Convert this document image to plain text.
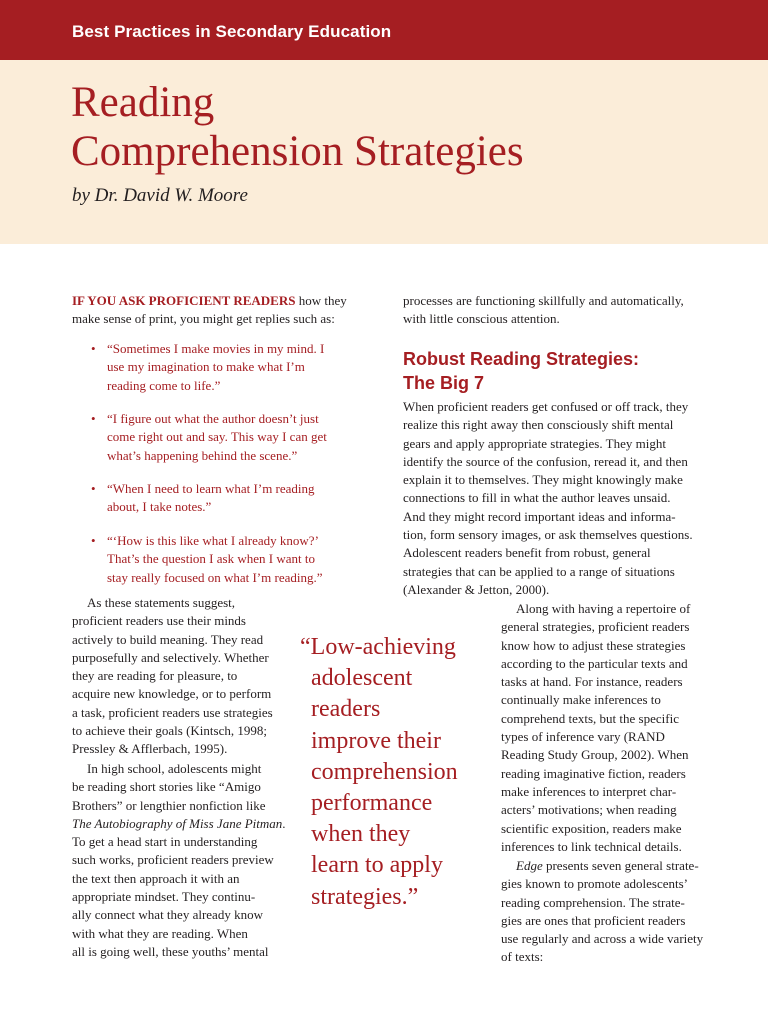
Best Practices in Secondary Education
Reading
Comprehension Strategies
by Dr. David W. Moore

IF YOU ASK PROFICIENT READERS how they
make sense of print, you might get replies such as:

• “Sometimes I make movies in my mind. I
use my imagination to make what I’m
reading come to life.”
• “I figure out what the author doesn’t just
come right out and say. This way I can get
what’s happening behind the scene.”
• “When I need to learn what I’m reading
about, I take notes.”
• “‘How is this like what I already know?’
That’s the question I ask when I want to
stay really focused on what I’m reading.”

As these statements suggest,
proficient readers use their minds
actively to build meaning. They read
purposefully and selectively. Whether
they are reading for pleasure, to
acquire new knowledge, or to perform
a task, proficient readers use strategies
to achieve their goals (Kintsch, 1998;
Pressley & Afflerbach, 1995).

In high school, adolescents might
be reading short stories like “Amigo
Brothers” or lengthier nonfiction like
The Autobiography of Miss Jane Pitman.
To get a head start in understanding
such works, proficient readers preview
the text then approach it with an
appropriate mindset. They continu-
ally connect what they already know
with what they are reading. When
all is going well, these youths’ mental

“Low-achieving
adolescent
readers
improve their
comprehension
performance
when they
learn to apply
strategies.”

processes are functioning skillfully and automatically,
with little conscious attention.

Robust Reading Strategies:
The Big 7

When proficient readers get confused or off track, they
realize this right away then consciously shift mental
gears and apply appropriate strategies. They might
identify the source of the confusion, reread it, and then
explain it to themselves. They might knowingly make
connections to fill in what the author leaves unsaid.
And they might record important ideas and informa-
tion, form sensory images, or ask themselves questions.
Adolescent readers benefit from robust, general
strategies that can be applied to a range of situations
(Alexander & Jetton, 2000).

Along with having a repertoire of
general strategies, proficient readers
know how to adjust these strategies
according to the particular texts and
tasks at hand. For instance, readers
continually make inferences to
comprehend texts, but the specific
types of inference vary (RAND
Reading Study Group, 2002). When
reading imaginative fiction, readers
make inferences to interpret char-
acters’ motivations; when reading
scientific exposition, readers make
inferences to link technical details.

Edge presents seven general strate-
gies known to promote adolescents’
reading comprehension. The strate-
gies are ones that proficient readers
use regularly and across a wide variety
of texts:
